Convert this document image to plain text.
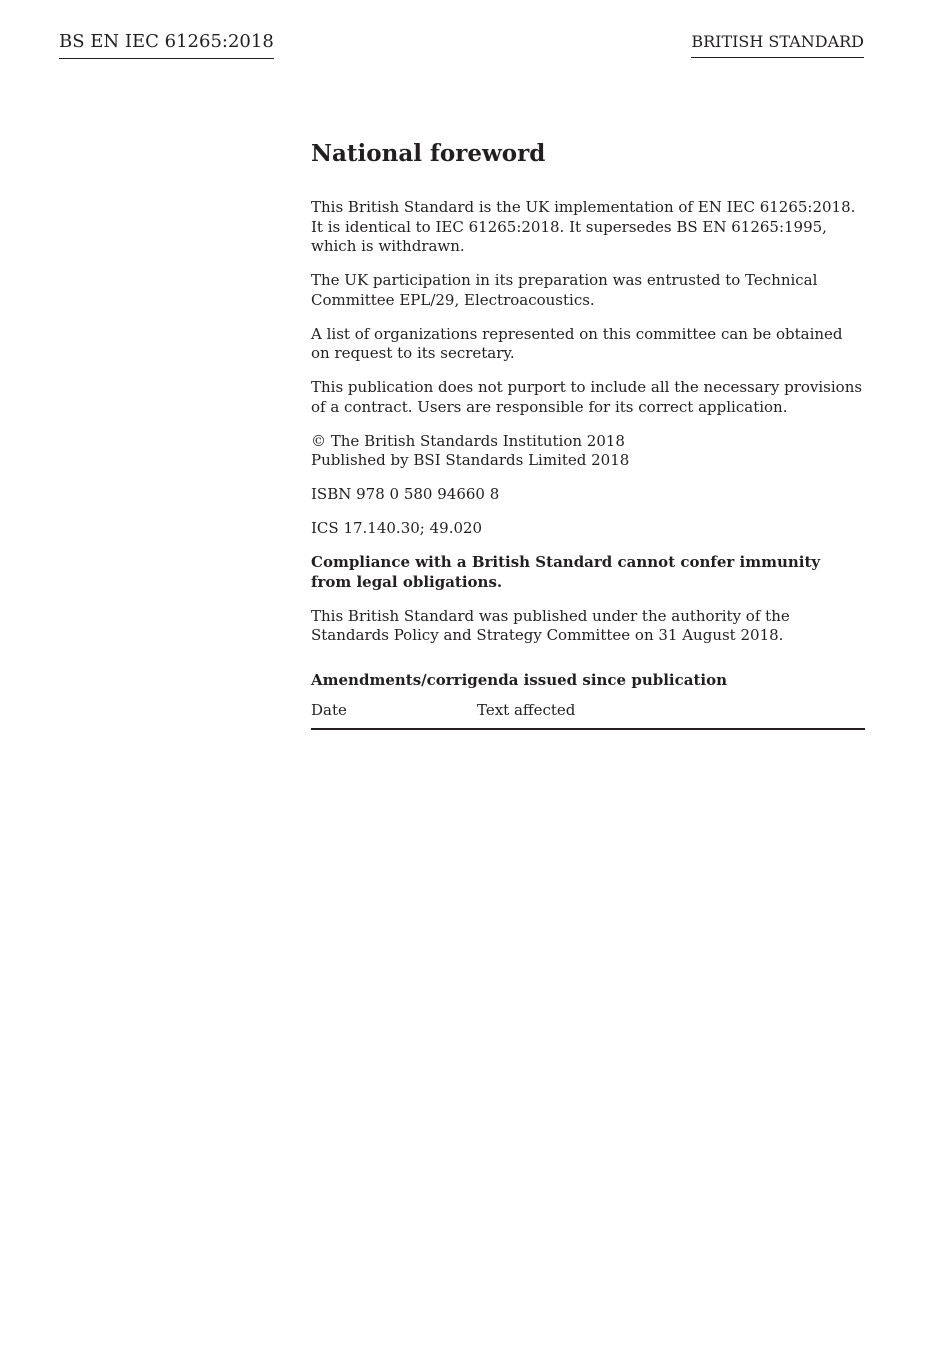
BS EN IEC 61265:2018	BRITISH STANDARD
National foreword

This British Standard is the UK implementation of EN IEC 61265:2018. It is identical to IEC 61265:2018. It supersedes BS EN 61265:1995, which is withdrawn.

The UK participation in its preparation was entrusted to Technical Committee EPL/29, Electroacoustics.

A list of organizations represented on this committee can be obtained on request to its secretary.

This publication does not purport to include all the necessary provisions of a contract. Users are responsible for its correct application.

© The British Standards Institution 2018
Published by BSI Standards Limited 2018

ISBN 978 0 580 94660 8

ICS 17.140.30; 49.020

Compliance with a British Standard cannot confer immunity from legal obligations.

This British Standard was published under the authority of the Standards Policy and Strategy Committee on 31 August 2018.

Amendments/corrigenda issued since publication
Date	Text affected
